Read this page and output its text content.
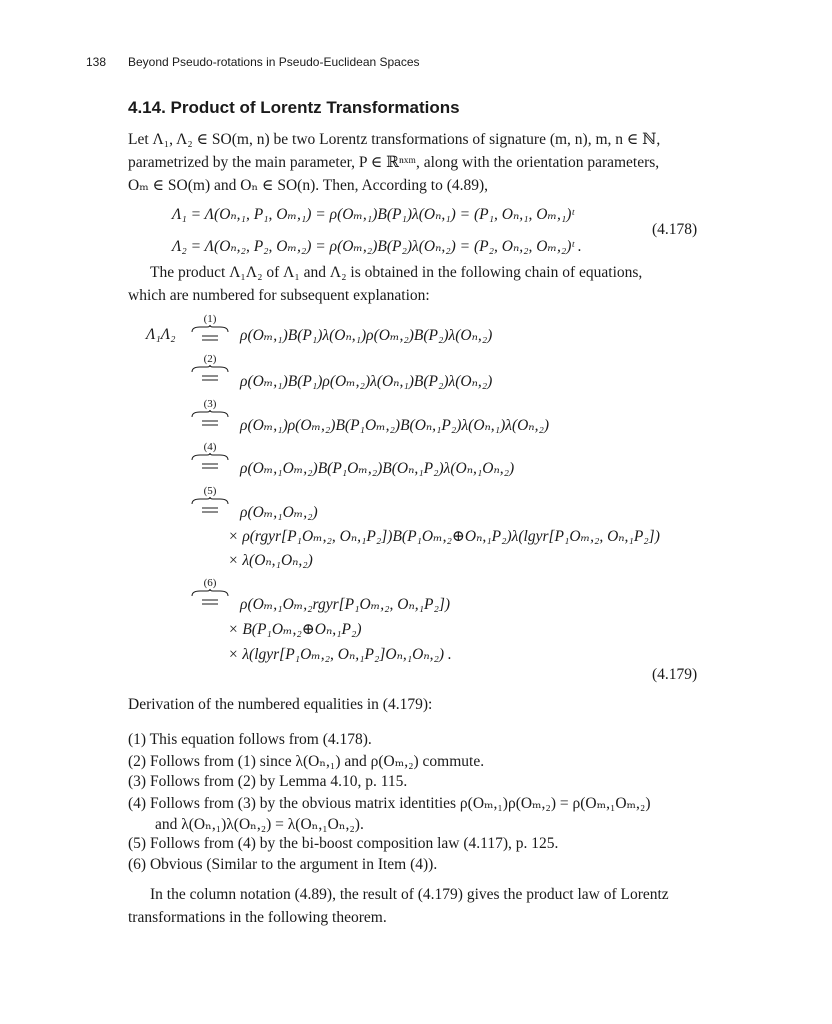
138 Beyond Pseudo-rotations in Pseudo-Euclidean Spaces
4.14. Product of Lorentz Transformations
Let Λ₁, Λ₂ ∈ SO(m, n) be two Lorentz transformations of signature (m, n), m, n ∈ ℕ,
parametrized by the main parameter, P ∈ ℝⁿˣᵐ, along with the orientation parameters,
Oₘ ∈ SO(m) and Oₙ ∈ SO(n). Then, According to (4.89),
Λ₁ = Λ(Oₙ,₁, P₁, Oₘ,₁) = ρ(Oₘ,₁)B(P₁)λ(Oₙ,₁) = (P₁, Oₙ,₁, Oₘ,₁)ᵗ
Λ₂ = Λ(Oₙ,₂, P₂, Oₘ,₂) = ρ(Oₘ,₂)B(P₂)λ(Oₙ,₂) = (P₂, Oₙ,₂, Oₘ,₂)ᵗ .
(4.178)
The product Λ₁Λ₂ of Λ₁ and Λ₂ is obtained in the following chain of equations,
which are numbered for subsequent explanation:
Λ₁Λ₂
(1)
ρ(Oₘ,₁)B(P₁)λ(Oₙ,₁)ρ(Oₘ,₂)B(P₂)λ(Oₙ,₂)
(2)
ρ(Oₘ,₁)B(P₁)ρ(Oₘ,₂)λ(Oₙ,₁)B(P₂)λ(Oₙ,₂)
(3)
ρ(Oₘ,₁)ρ(Oₘ,₂)B(P₁Oₘ,₂)B(Oₙ,₁P₂)λ(Oₙ,₁)λ(Oₙ,₂)
(4)
ρ(Oₘ,₁Oₘ,₂)B(P₁Oₘ,₂)B(Oₙ,₁P₂)λ(Oₙ,₁Oₙ,₂)
(5)
ρ(Oₘ,₁Oₘ,₂)
× ρ(rgyr[P₁Oₘ,₂, Oₙ,₁P₂])B(P₁Oₘ,₂⊕Oₙ,₁P₂)λ(lgyr[P₁Oₘ,₂, Oₙ,₁P₂])
× λ(Oₙ,₁Oₙ,₂)
(6)
ρ(Oₘ,₁Oₘ,₂rgyr[P₁Oₘ,₂, Oₙ,₁P₂])
× B(P₁Oₘ,₂⊕Oₙ,₁P₂)
× λ(lgyr[P₁Oₘ,₂, Oₙ,₁P₂]Oₙ,₁Oₙ,₂) .
(4.179)
Derivation of the numbered equalities in (4.179):
(1) This equation follows from (4.178).
(2) Follows from (1) since λ(Oₙ,₁) and ρ(Oₘ,₂) commute.
(3) Follows from (2) by Lemma 4.10, p. 115.
(4) Follows from (3) by the obvious matrix identities ρ(Oₘ,₁)ρ(Oₘ,₂) = ρ(Oₘ,₁Oₘ,₂)
and λ(Oₙ,₁)λ(Oₙ,₂) = λ(Oₙ,₁Oₙ,₂).
(5) Follows from (4) by the bi-boost composition law (4.117), p. 125.
(6) Obvious (Similar to the argument in Item (4)).
In the column notation (4.89), the result of (4.179) gives the product law of Lorentz
transformations in the following theorem.
